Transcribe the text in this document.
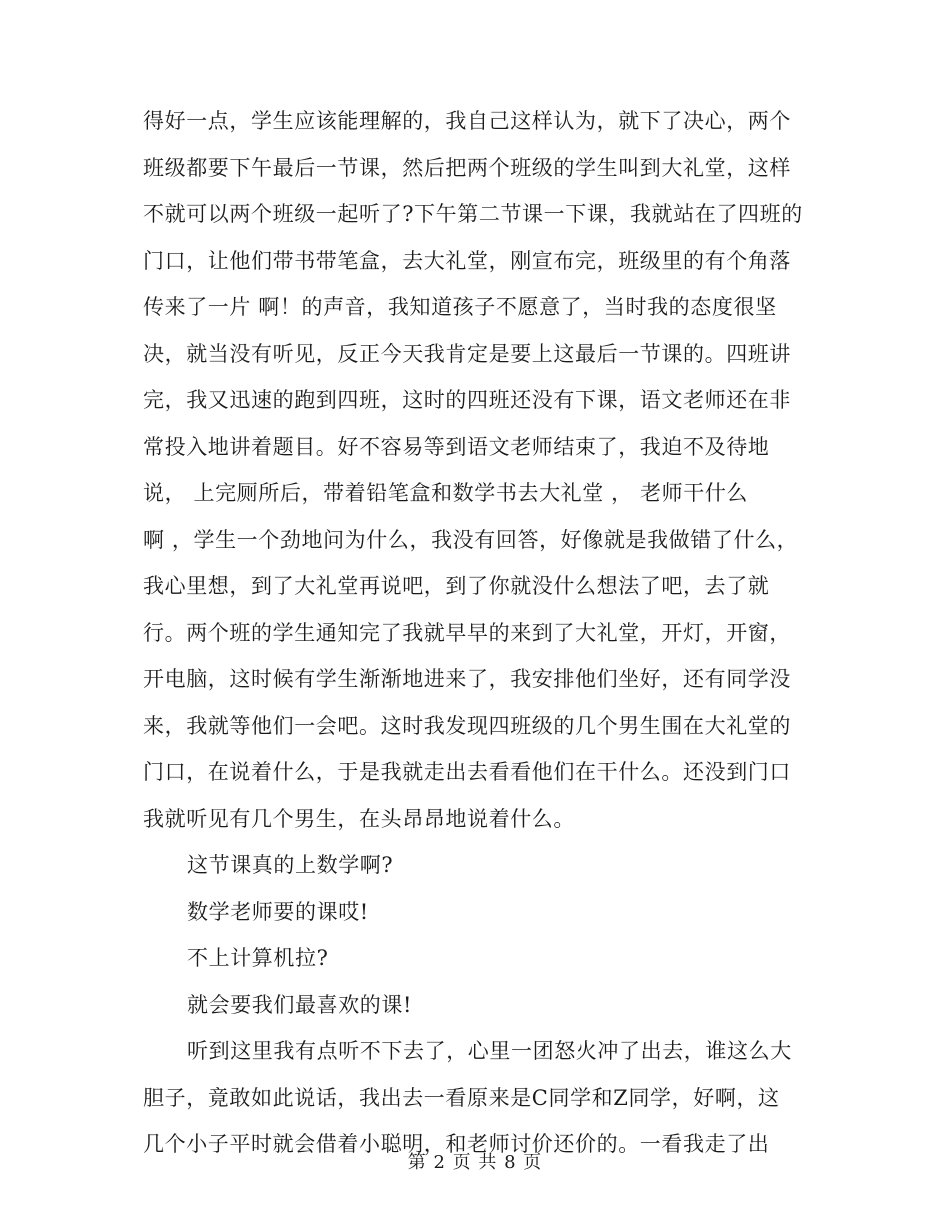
得好一点，学生应该能理解的，我自己这样认为，就下了决心，两个
班级都要下午最后一节课，然后把两个班级的学生叫到大礼堂，这样
不就可以两个班级一起听了?下午第二节课一下课，我就站在了四班的
门口，让他们带书带笔盒，去大礼堂，刚宣布完，班级里的有个角落
传来了一片 啊！的声音，我知道孩子不愿意了，当时我的态度很坚
决，就当没有听见，反正今天我肯定是要上这最后一节课的。四班讲
完，我又迅速的跑到四班，这时的四班还没有下课，语文老师还在非
常投入地讲着题目。好不容易等到语文老师结束了，我迫不及待地
说， 上完厕所后，带着铅笔盒和数学书去大礼堂 ， 老师干什么
啊 ，学生一个劲地问为什么，我没有回答，好像就是我做错了什么，
我心里想，到了大礼堂再说吧，到了你就没什么想法了吧，去了就
行。两个班的学生通知完了我就早早的来到了大礼堂，开灯，开窗，
开电脑，这时候有学生渐渐地进来了，我安排他们坐好，还有同学没
来，我就等他们一会吧。这时我发现四班级的几个男生围在大礼堂的
门口，在说着什么，于是我就走出去看看他们在干什么。还没到门口
我就听见有几个男生，在头昂昂地说着什么。
这节课真的上数学啊?
数学老师要的课哎!
不上计算机拉?
就会要我们最喜欢的课!
听到这里我有点听不下去了，心里一团怒火冲了出去，谁这么大
胆子，竟敢如此说话，我出去一看原来是C同学和Z同学，好啊，这
几个小子平时就会借着小聪明，和老师讨价还价的。一看我走了出
第 2 页 共 8 页
